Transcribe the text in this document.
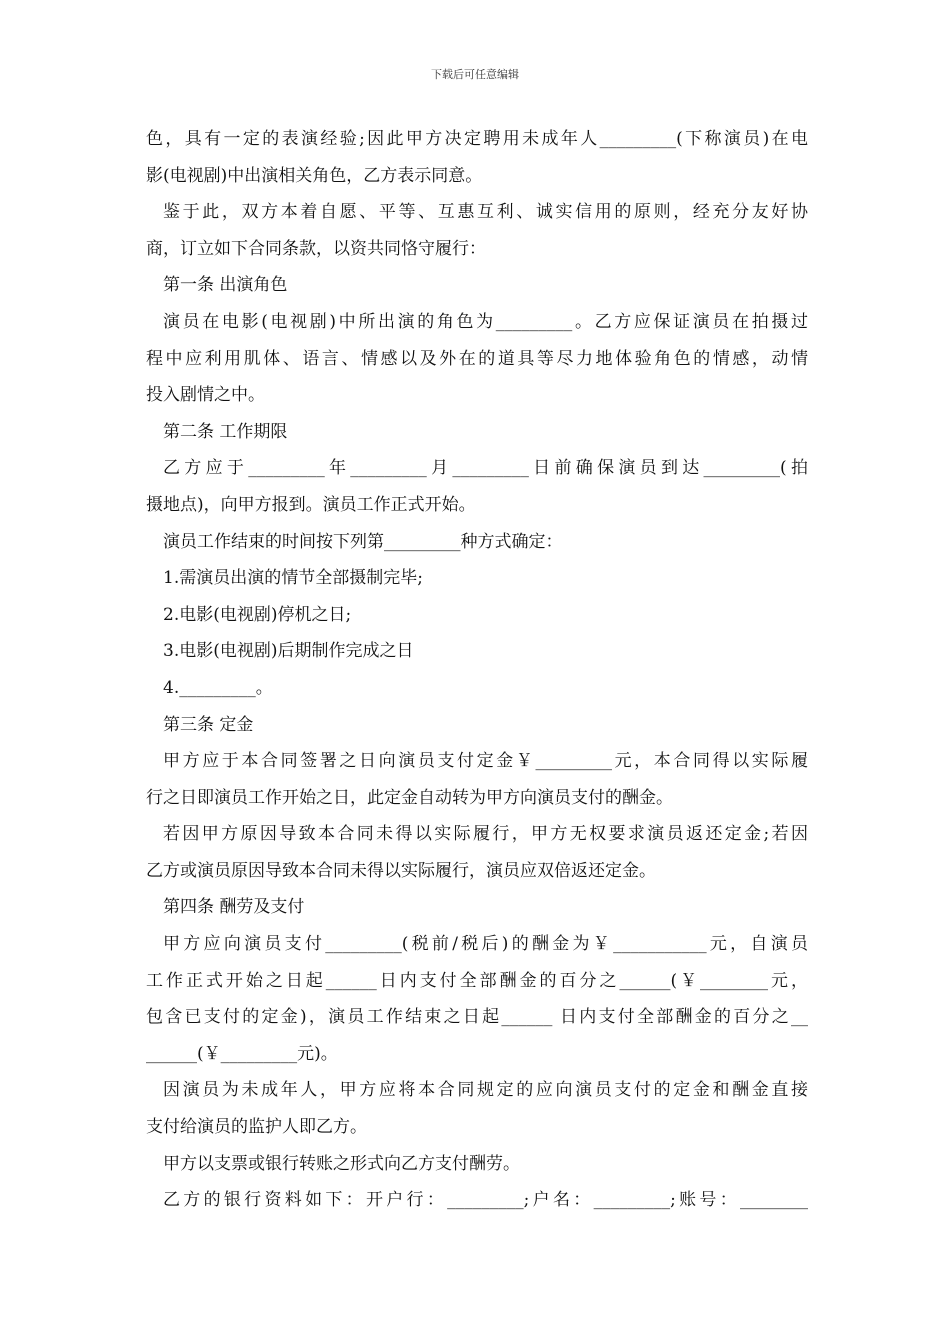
下载后可任意编辑
色，具有一定的表演经验;因此甲方决定聘用未成年人_________(下称演员)在电
影(电视剧)中出演相关角色，乙方表示同意。
鉴于此，双方本着自愿、平等、互惠互利、诚实信用的原则，经充分友好协
商，订立如下合同条款，以资共同恪守履行：
第一条 出演角色
演员在电影(电视剧)中所出演的角色为_________。乙方应保证演员在拍摄过
程中应利用肌体、语言、情感以及外在的道具等尽力地体验角色的情感，动情
投入剧情之中。
第二条 工作期限
乙方应于_________年_________月_________日前确保演员到达_________(拍
摄地点)，向甲方报到。演员工作正式开始。
演员工作结束的时间按下列第_________种方式确定：
1.需演员出演的情节全部摄制完毕;
2.电影(电视剧)停机之日;
3.电影(电视剧)后期制作完成之日
4._________。
第三条 定金
甲方应于本合同签署之日向演员支付定金￥_________元，本合同得以实际履
行之日即演员工作开始之日，此定金自动转为甲方向演员支付的酬金。
若因甲方原因导致本合同未得以实际履行，甲方无权要求演员返还定金;若因
乙方或演员原因导致本合同未得以实际履行，演员应双倍返还定金。
第四条 酬劳及支付
甲方应向演员支付_________(税前/税后)的酬金为￥___________元，自演员
工作正式开始之日起______日内支付全部酬金的百分之______(￥________元，
包含已支付的定金)，演员工作结束之日起______ 日内支付全部酬金的百分之__
______(￥_________元)。
因演员为未成年人，甲方应将本合同规定的应向演员支付的定金和酬金直接
支付给演员的监护人即乙方。
甲方以支票或银行转账之形式向乙方支付酬劳。
乙方的银行资料如下：开户行：_________;户名：_________;账号：________
